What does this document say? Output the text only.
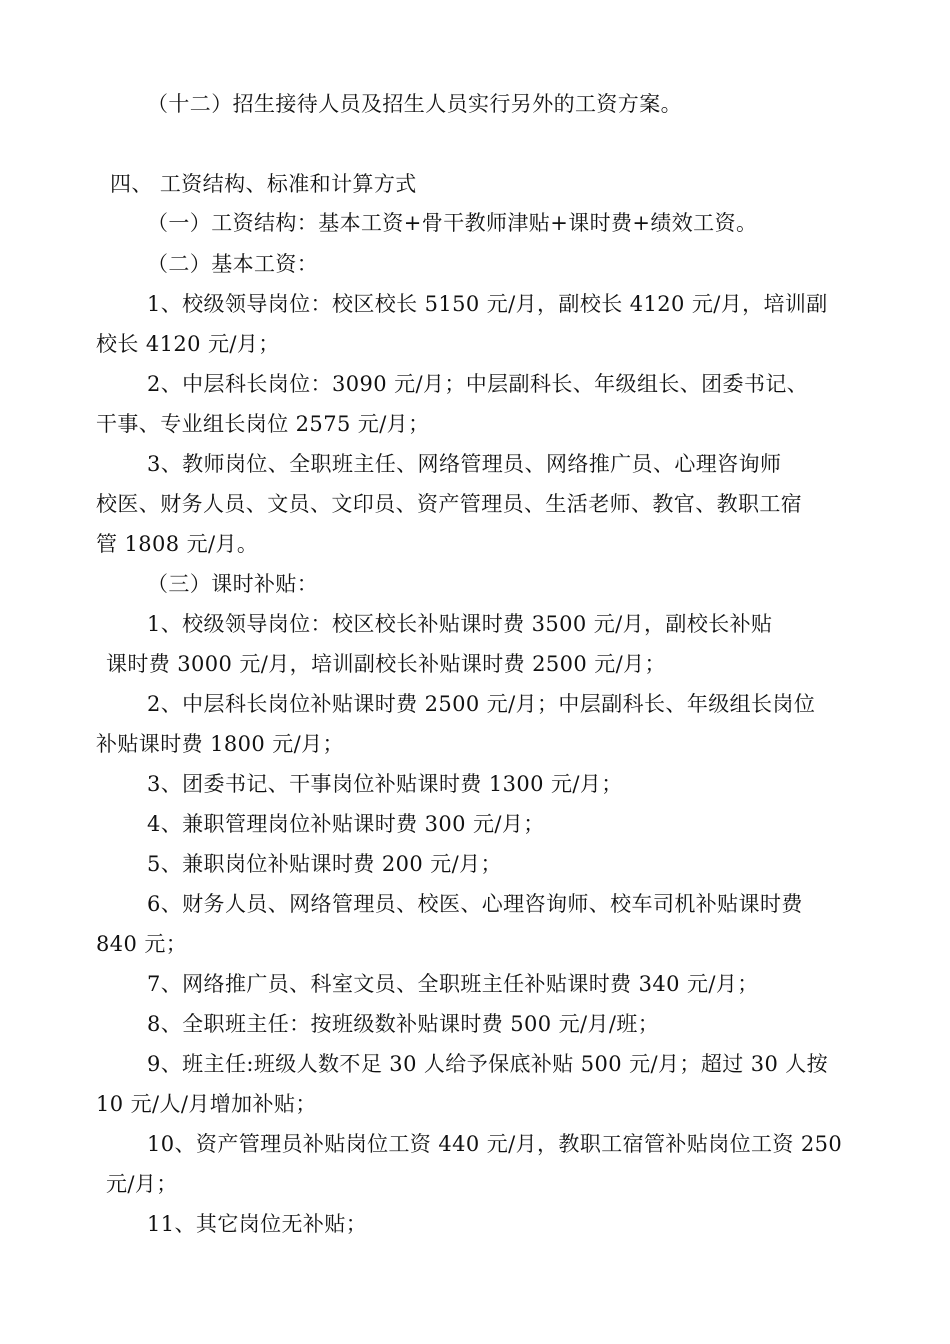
（十二）招生接待人员及招生人员实行另外的工资方案。
四、 工资结构、标准和计算方式
（一）工资结构：基本工资+骨干教师津贴+课时费+绩效工资。
（二）基本工资：
1、校级领导岗位：校区校长 5150 元/月，副校长 4120 元/月，培训副
校长 4120 元/月；
2、中层科长岗位：3090 元/月；中层副科长、年级组长、团委书记、
干事、专业组长岗位 2575 元/月；
3、教师岗位、全职班主任、网络管理员、网络推广员、心理咨询师
校医、财务人员、文员、文印员、资产管理员、生活老师、教官、教职工宿
管 1808 元/月。
（三）课时补贴：
1、校级领导岗位：校区校长补贴课时费 3500 元/月，副校长补贴
课时费 3000 元/月，培训副校长补贴课时费 2500 元/月；
2、中层科长岗位补贴课时费 2500 元/月；中层副科长、年级组长岗位
补贴课时费 1800 元/月；
3、团委书记、干事岗位补贴课时费 1300 元/月；
4、兼职管理岗位补贴课时费 300 元/月；
5、兼职岗位补贴课时费 200 元/月；
6、财务人员、网络管理员、校医、心理咨询师、校车司机补贴课时费
840 元；
7、网络推广员、科室文员、全职班主任补贴课时费 340 元/月；
8、全职班主任：按班级数补贴课时费 500 元/月/班；
9、班主任:班级人数不足 30 人给予保底补贴 500 元/月；超过 30 人按
10 元/人/月增加补贴；
10、资产管理员补贴岗位工资 440 元/月，教职工宿管补贴岗位工资 250
元/月；
11、其它岗位无补贴；
